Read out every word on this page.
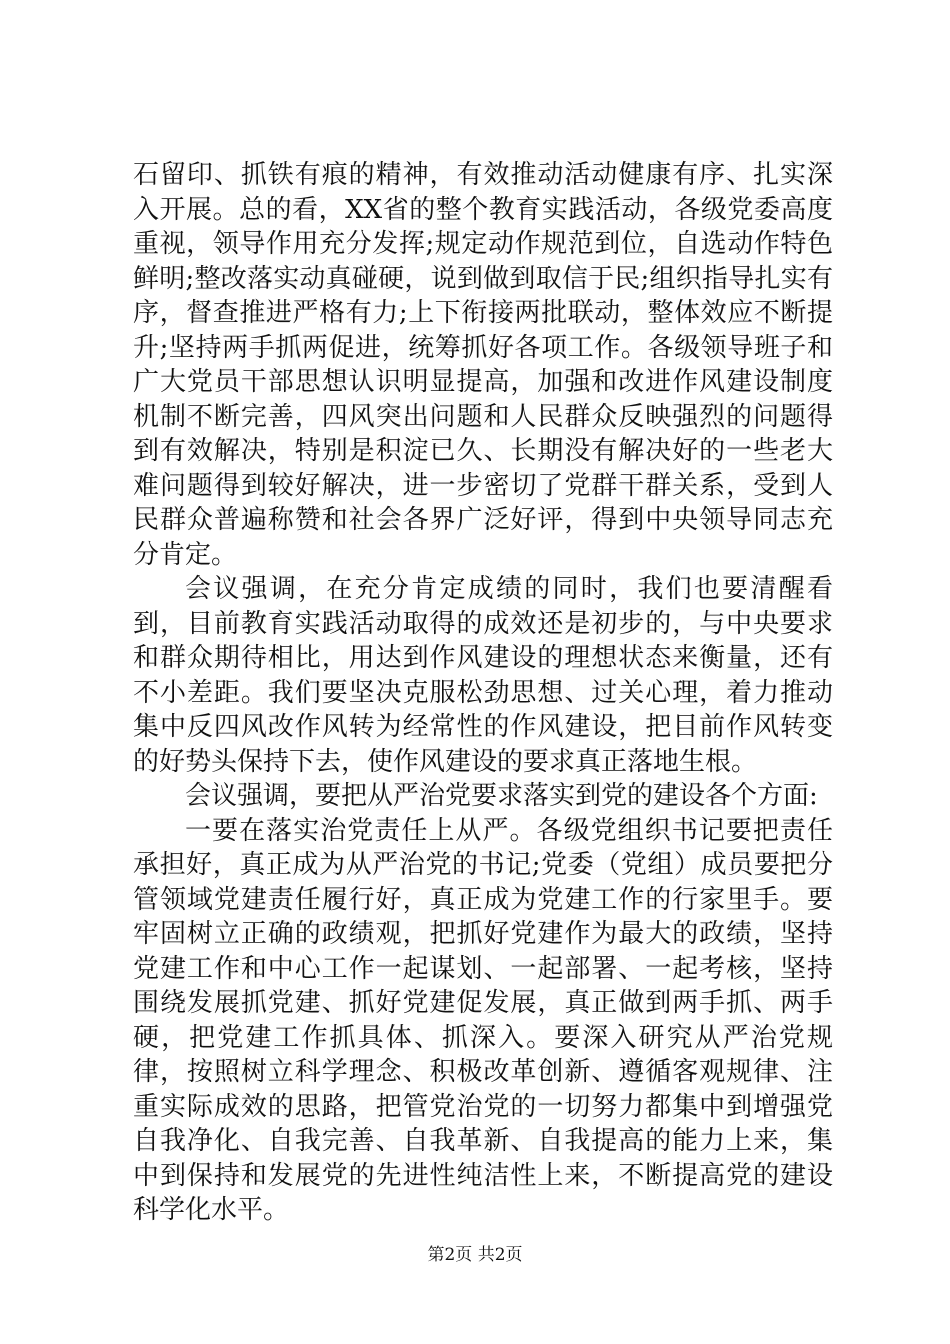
石留印、抓铁有痕的精神，有效推动活动健康有序、扎实深入开展。总的看，XX省的整个教育实践活动，各级党委高度重视，领导作用充分发挥;规定动作规范到位，自选动作特色鲜明;整改落实动真碰硬，说到做到取信于民;组织指导扎实有序，督查推进严格有力;上下衔接两批联动，整体效应不断提升;坚持两手抓两促进，统筹抓好各项工作。各级领导班子和广大党员干部思想认识明显提高，加强和改进作风建设制度机制不断完善，四风突出问题和人民群众反映强烈的问题得到有效解决，特别是积淀已久、长期没有解决好的一些老大难问题得到较好解决，进一步密切了党群干群关系，受到人民群众普遍称赞和社会各界广泛好评，得到中央领导同志充分肯定。

会议强调，在充分肯定成绩的同时，我们也要清醒看到，目前教育实践活动取得的成效还是初步的，与中央要求和群众期待相比，用达到作风建设的理想状态来衡量，还有不小差距。我们要坚决克服松劲思想、过关心理，着力推动集中反四风改作风转为经常性的作风建设，把目前作风转变的好势头保持下去，使作风建设的要求真正落地生根。

会议强调，要把从严治党要求落实到党的建设各个方面:

一要在落实治党责任上从严。各级党组织书记要把责任承担好，真正成为从严治党的书记;党委（党组）成员要把分管领域党建责任履行好，真正成为党建工作的行家里手。要牢固树立正确的政绩观，把抓好党建作为最大的政绩，坚持党建工作和中心工作一起谋划、一起部署、一起考核，坚持围绕发展抓党建、抓好党建促发展，真正做到两手抓、两手硬，把党建工作抓具体、抓深入。要深入研究从严治党规律，按照树立科学理念、积极改革创新、遵循客观规律、注重实际成效的思路，把管党治党的一切努力都集中到增强党自我净化、自我完善、自我革新、自我提高的能力上来，集中到保持和发展党的先进性纯洁性上来，不断提高党的建设科学化水平。

第2页 共2页
